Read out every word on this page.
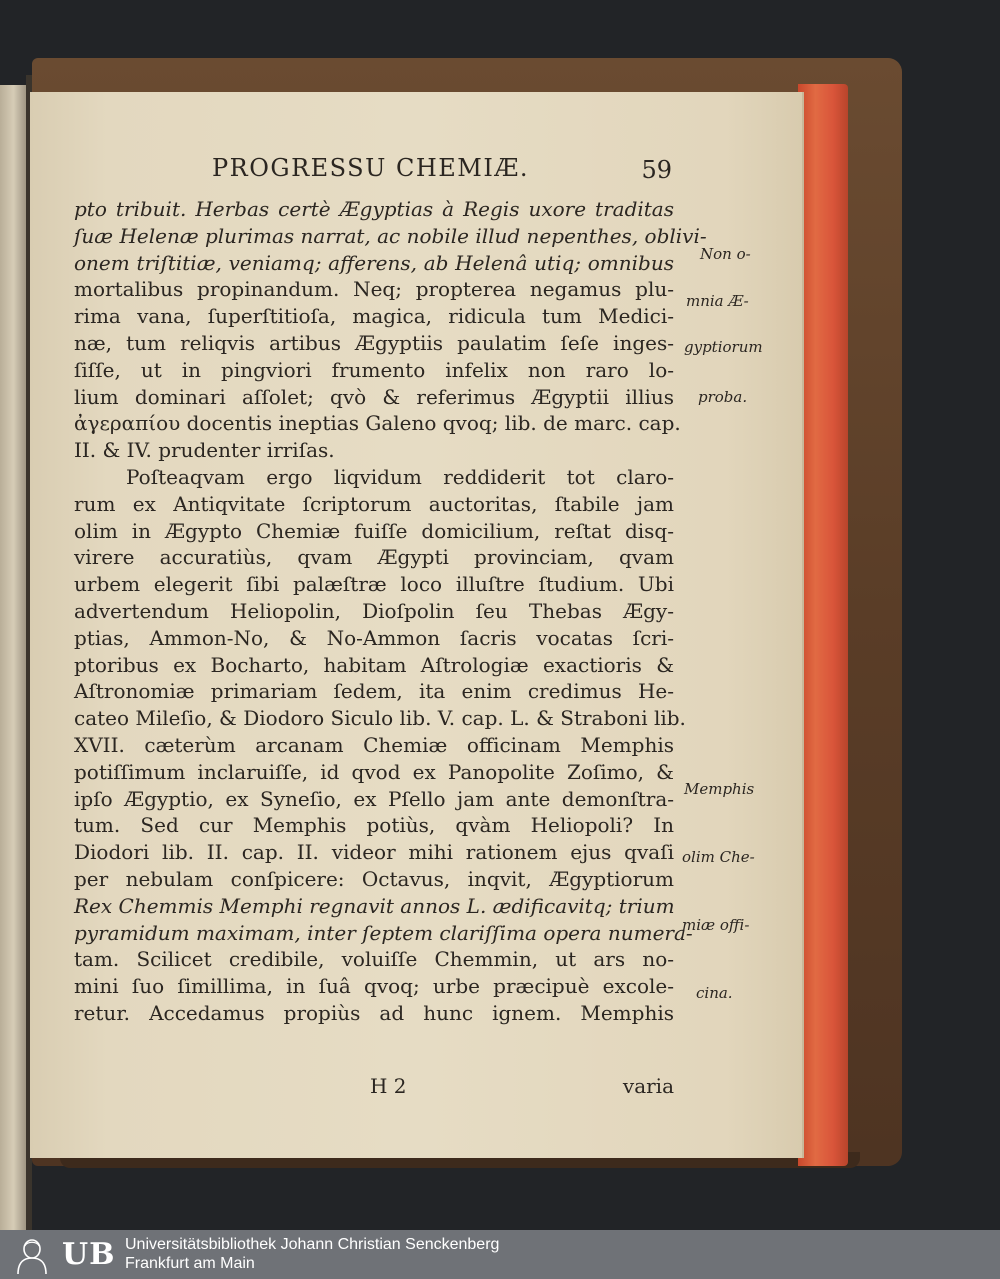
PROGRESSU CHEMIÆ.	59
pto tribuit. Herbas certè Ægyptias à Regis uxore traditas
ſuæ Helenæ plurimas narrat, ac nobile illud nepenthes, oblivi-
onem triſtitiæ, veniamq; afferens, ab Helenâ utiq; omnibus
mortalibus propinandum. Neq; propterea negamus plu-
rima vana, ſuperſtitioſa, magica, ridicula tum Medici-
næ, tum reliqvis artibus Ægyptiis paulatim ſeſe inges-
ſiſſe, ut in pingviori frumento infelix non raro lo-
lium dominari aſſolet; qvò & referimus Ægyptii illius
ἀγεραπίου docentis ineptias Galeno qvoq; lib. de marc. cap.
II. & IV. prudenter irriſas.
Poſteaqvam ergo liqvidum reddiderit tot claro-
rum ex Antiqvitate ſcriptorum auctoritas, ſtabile jam
olim in Ægypto Chemiæ fuiſſe domicilium, reſtat disq-
virere accuratiùs, qvam Ægypti provinciam, qvam
urbem elegerit ſibi palæſtræ loco illuſtre ſtudium. Ubi
advertendum Heliopolin, Dioſpolin ſeu Thebas Ægy-
ptias, Ammon-No, & No-Ammon ſacris vocatas ſcri-
ptoribus ex Bocharto, habitam Aſtrologiæ exactioris &
Aſtronomiæ primariam ſedem, ita enim credimus He-
cateo Mileſio, & Diodoro Siculo lib. V. cap. L. & Straboni lib.
XVII. cæterùm arcanam Chemiæ officinam Memphis
potiſſimum inclaruiſſe, id qvod ex Panopolite Zoſimo, &
ipſo Ægyptio, ex Syneſio, ex Pſello jam ante demonſtra-
tum. Sed cur Memphis potiùs, qvàm Heliopoli? In
Diodori lib. II. cap. II. videor mihi rationem ejus qvaſi
per nebulam conſpicere: Octavus, inqvit, Ægyptiorum
Rex Chemmis Memphi regnavit annos L. ædificavitq; trium
pyramidum maximam, inter ſeptem clariſſima opera numera-
tam. Scilicet credibile, voluiſſe Chemmin, ut ars no-
mini ſuo ſimillima, in ſuâ qvoq; urbe præcipuè excole-
retur. Accedamus propiùs ad hunc ignem. Memphis
H 2	varia
Non o-
mnia Æ-
gyptiorum
proba.
Memphis
olim Che-
miæ offi-
cina.
UB Universitätsbibliothek Johann Christian Senckenberg
Frankfurt am Main
